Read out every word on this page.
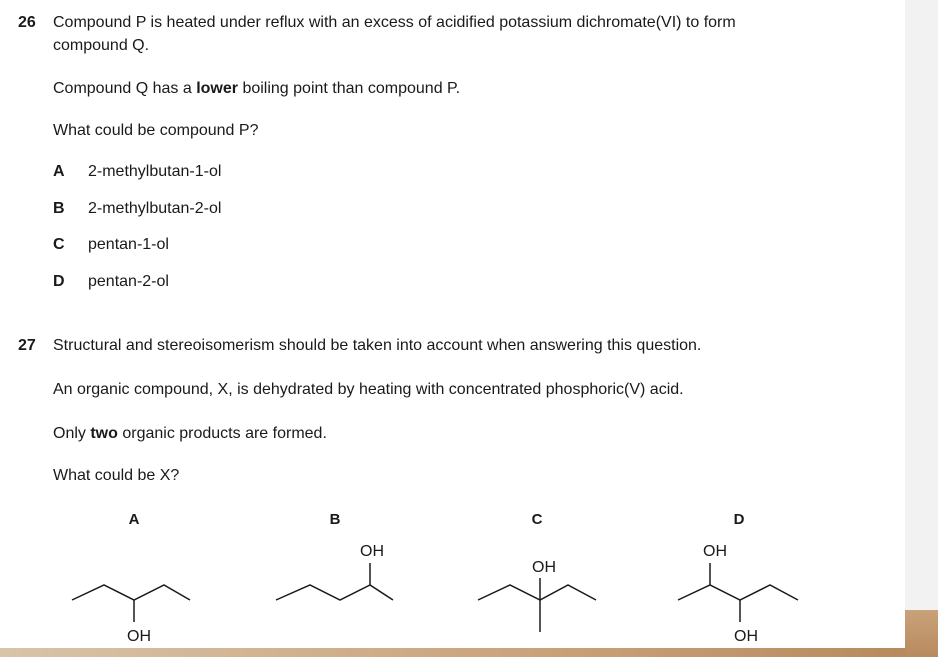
26 Compound P is heated under reflux with an excess of acidified potassium dichromate(VI) to form
compound Q.
Compound Q has a lower boiling point than compound P.
What could be compound P?
A 2-methylbutan-1-ol
B 2-methylbutan-2-ol
C pentan-1-ol
D pentan-2-ol
27 Structural and stereoisomerism should be taken into account when answering this question.
An organic compound, X, is dehydrated by heating with concentrated phosphoric(V) acid.
Only two organic products are formed.
What could be X?
A	B	C	D
OH
OH
OH
OH
OH
